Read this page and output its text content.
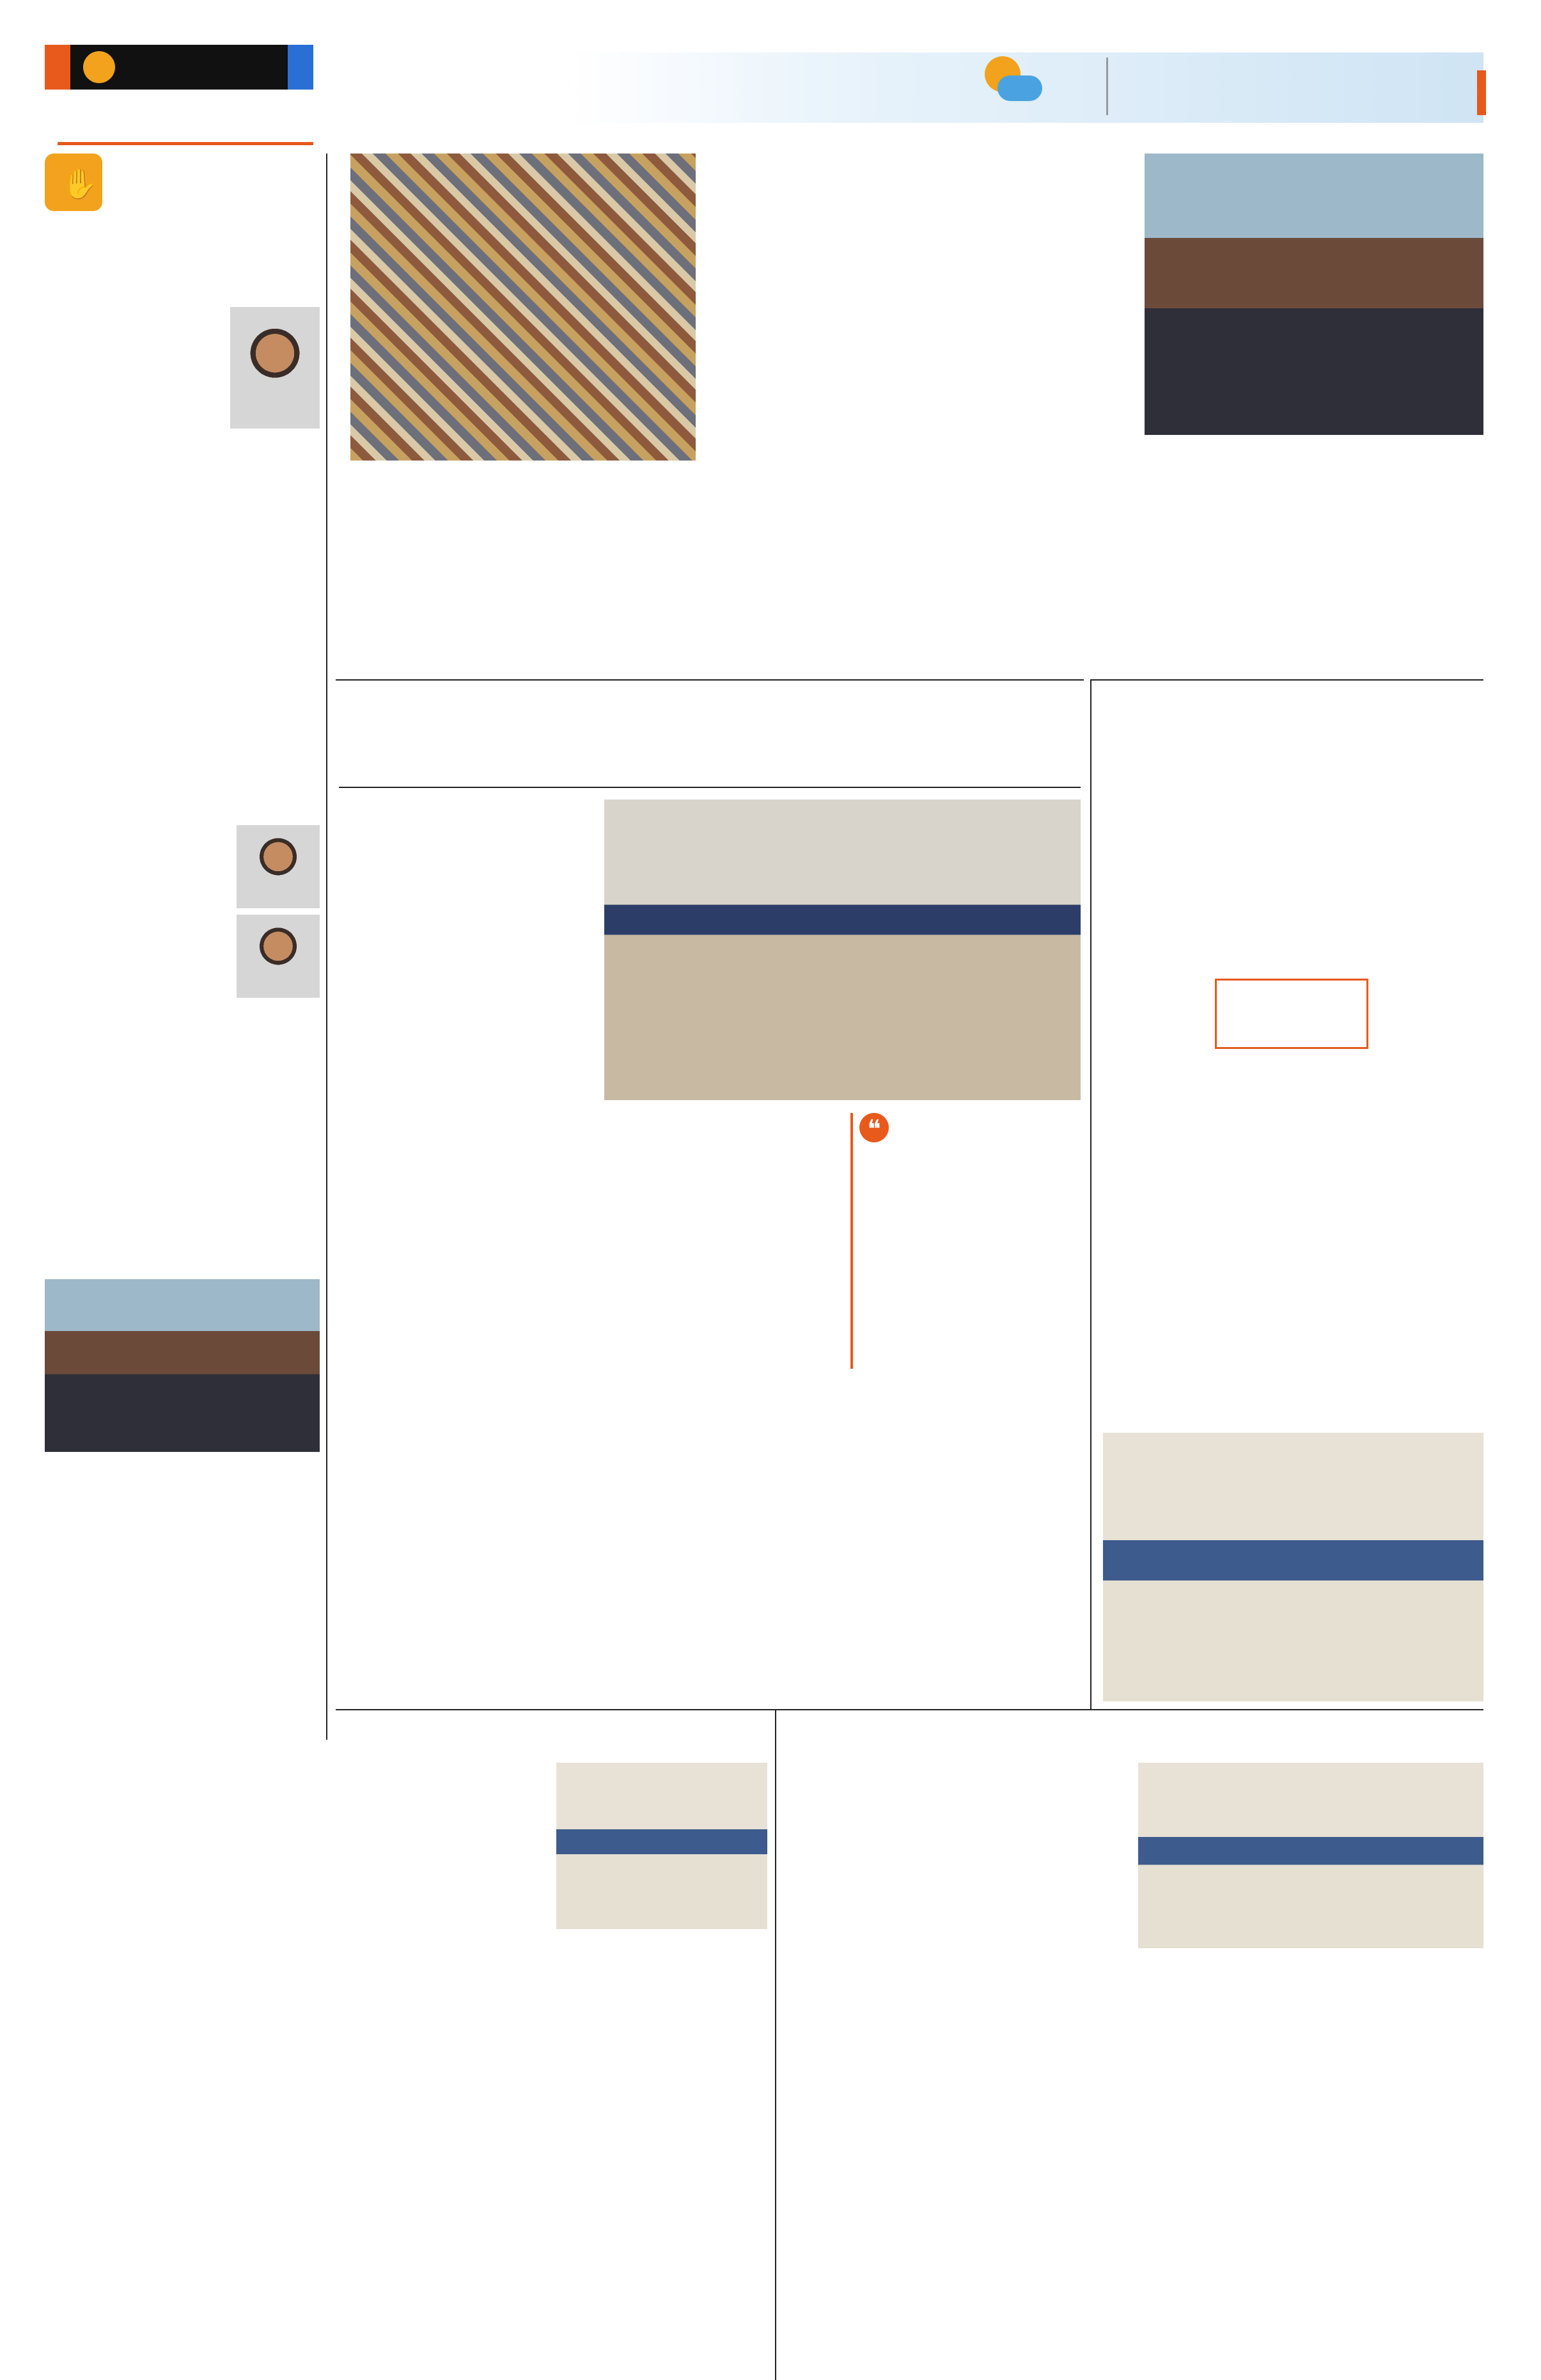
✋
❝
